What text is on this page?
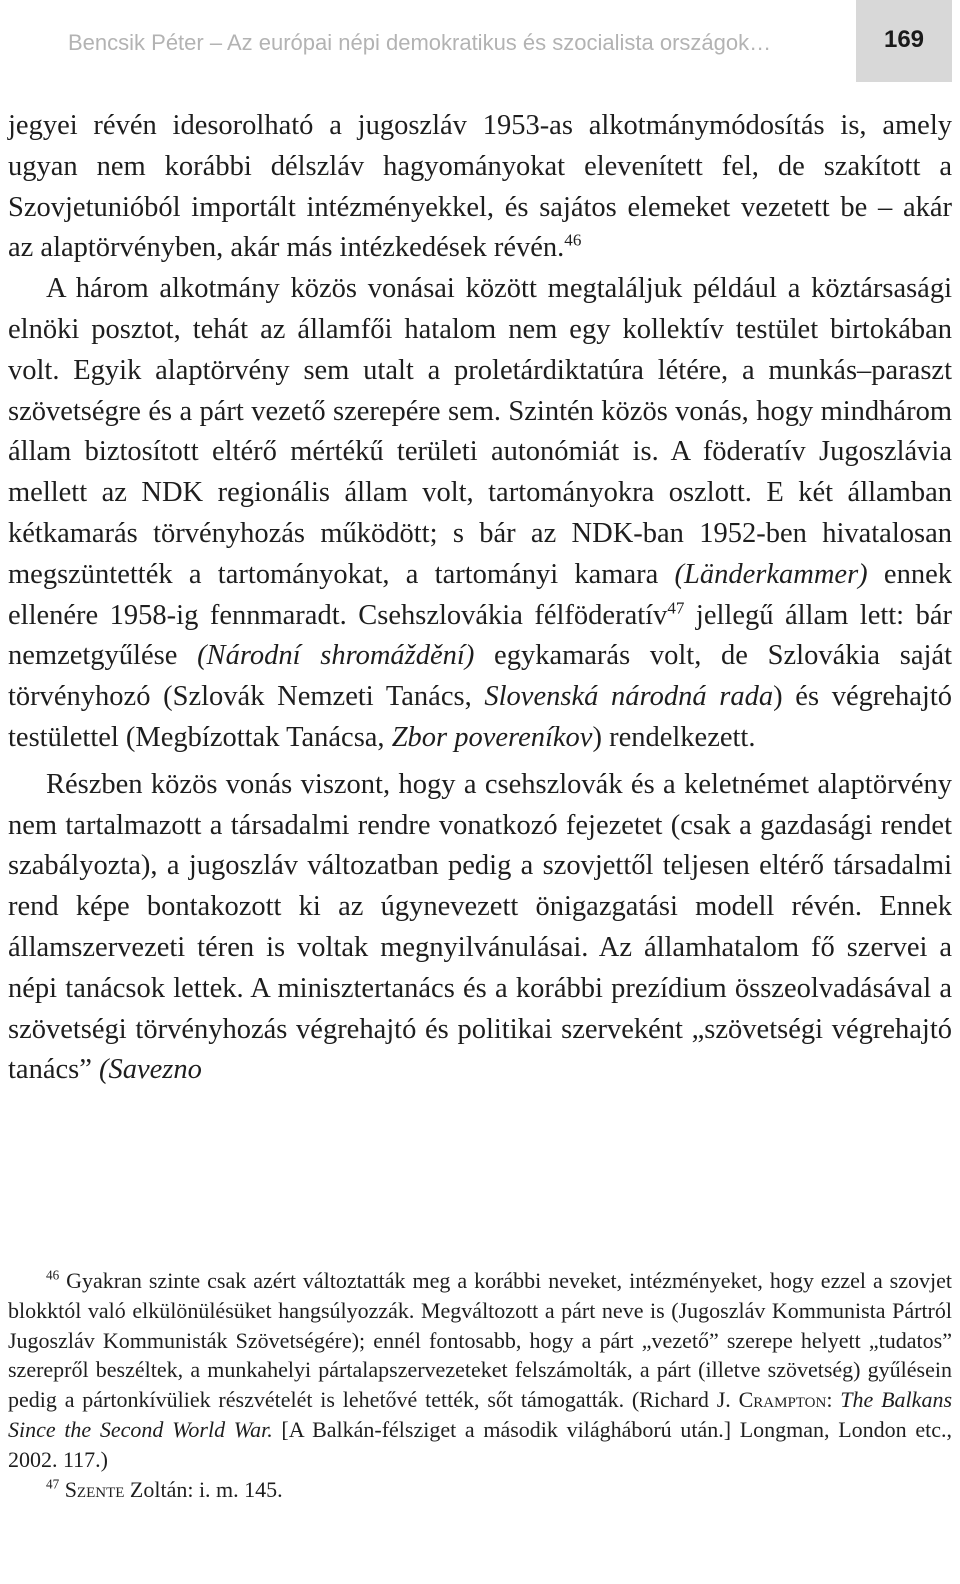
Bencsik Péter – Az európai népi demokratikus és szocialista országok…	169

jegyei révén idesorolható a jugoszláv 1953-as alkotmánymódosítás is, amely ugyan nem korábbi délszláv hagyományokat elevenített fel, de szakított a Szovjetunióból importált intézményekkel, és sajátos elemeket vezetett be – akár az alaptörvényben, akár más intézkedések révén.$^{46}$

A három alkotmány közös vonásai között megtaláljuk például a köztársasági elnöki posztot, tehát az államfői hatalom nem egy kollektív testület birtokában volt. Egyik alaptörvény sem utalt a proletárdiktatúra létére, a munkás–paraszt szövetségre és a párt vezető szerepére sem. Szintén közös vonás, hogy mindhárom állam biztosított eltérő mértékű területi autonómiát is. A föderatív Jugoszlávia mellett az NDK regionális állam volt, tartományokra oszlott. E két államban kétkamarás törvényhozás működött; s bár az NDK-ban 1952-ben hivatalosan megszüntették a tartományokat, a tartományi kamara (Länderkammer) ennek ellenére 1958-ig fennmaradt. Csehszlovákia félföderatív$^{47}$ jellegű állam lett: bár nemzetgyűlése (Národní shromáždění) egykamarás volt, de Szlovákia saját törvényhozó (Szlovák Nemzeti Tanács, Slovenská národná rada) és végrehajtó testülettel (Megbízottak Tanácsa, Zbor povereníkov) rendelkezett.

Részben közös vonás viszont, hogy a csehszlovák és a keletnémet alaptörvény nem tartalmazott a társadalmi rendre vonatkozó fejezetet (csak a gazdasági rendet szabályozta), a jugoszláv változatban pedig a szovjettől teljesen eltérő társadalmi rend képe bontakozott ki az úgynevezett önigazgatási modell révén. Ennek államszervezeti téren is voltak megnyilvánulásai. Az államhatalom fő szervei a népi tanácsok lettek. A minisztertanács és a korábbi prezídium összeolvadásával a szövetségi törvényhozás végrehajtó és politikai szerveként „szövetségi végrehajtó tanács” (Savezno

$^{46}$ Gyakran szinte csak azért változtatták meg a korábbi neveket, intézményeket, hogy ezzel a szovjet blokktól való elkülönülésüket hangsúlyozzák. Megváltozott a párt neve is (Jugoszláv Kommunista Pártról Jugoszláv Kommunisták Szövetségére); ennél fontosabb, hogy a párt „vezető” szerepe helyett „tudatos” szerepről beszéltek, a munkahelyi pártalapszervezeteket felszámolták, a párt (illetve szövetség) gyűlésein pedig a pártonkívüliek részvételét is lehetővé tették, sőt támogatták. (Richard J. Crampton: The Balkans Since the Second World War. [A Balkán-félsziget a második világháború után.] Longman, London etc., 2002. 117.)

$^{47}$ Szente Zoltán: i. m. 145.
